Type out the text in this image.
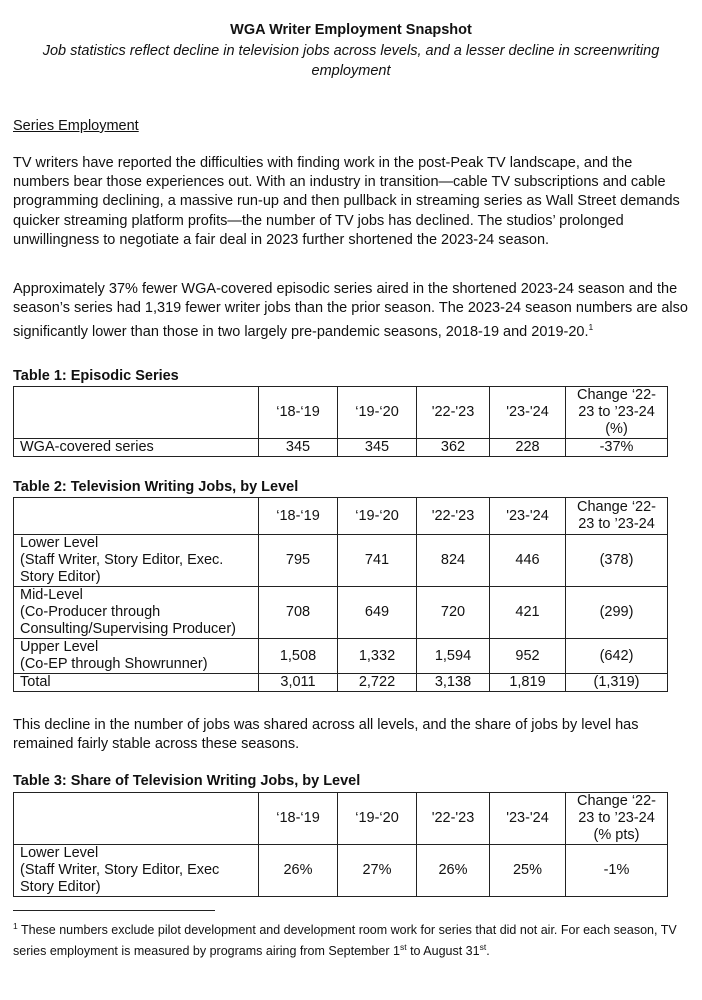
WGA Writer Employment Snapshot
Job statistics reflect decline in television jobs across levels, and a lesser decline in screenwriting employment
Series Employment
TV writers have reported the difficulties with finding work in the post-Peak TV landscape, and the numbers bear those experiences out. With an industry in transition—cable TV subscriptions and cable programming declining, a massive run-up and then pullback in streaming series as Wall Street demands quicker streaming platform profits—the number of TV jobs has declined. The studios’ prolonged unwillingness to negotiate a fair deal in 2023 further shortened the 2023-24 season.
Approximately 37% fewer WGA-covered episodic series aired in the shortened 2023-24 season and the season’s series had 1,319 fewer writer jobs than the prior season. The 2023-24 season numbers are also significantly lower than those in two largely pre-pandemic seasons, 2018-19 and 2019-20.$^1$
Table 1: Episodic Series
	‘18-‘19	‘19-‘20	'22-'23	'23-'24	Change ‘22-23 to ’23-24 (%)
WGA-covered series	345	345	362	228	-37%
Table 2: Television Writing Jobs, by Level
	‘18-‘19	‘19-‘20	'22-'23	'23-'24	Change ‘22-23 to ’23-24
Lower Level
(Staff Writer, Story Editor, Exec. Story Editor)	795	741	824	446	(378)
Mid-Level
(Co-Producer through Consulting/Supervising Producer)	708	649	720	421	(299)
Upper Level
(Co-EP through Showrunner)	1,508	1,332	1,594	952	(642)
Total	3,011	2,722	3,138	1,819	(1,319)
This decline in the number of jobs was shared across all levels, and the share of jobs by level has remained fairly stable across these seasons.
Table 3: Share of Television Writing Jobs, by Level
	‘18-‘19	‘19-‘20	'22-'23	'23-'24	Change ‘22-23 to ’23-24 (% pts)
Lower Level
(Staff Writer, Story Editor, Exec Story Editor)	26%	27%	26%	25%	-1%
$^1$ These numbers exclude pilot development and development room work for series that did not air. For each season, TV series employment is measured by programs airing from September 1st to August 31st.
